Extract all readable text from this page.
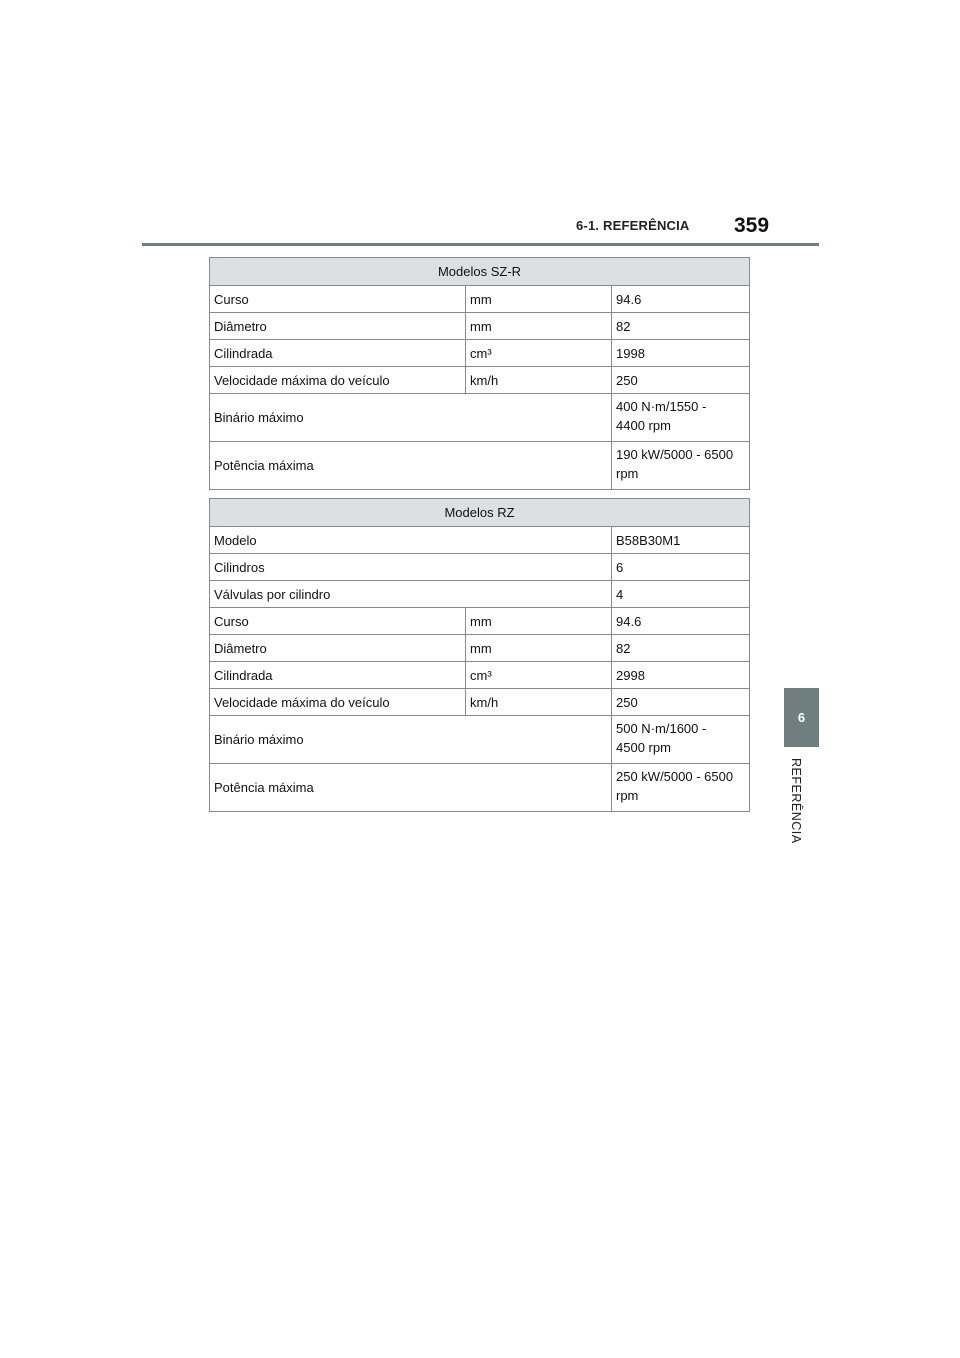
6-1. REFERÊNCIA 359
6
REFERÊNCIA
Modelos SZ-R		
Curso	mm	94.6
Diâmetro	mm	82
Cilindrada	cm³	1998
Velocidade máxima do veículo	km/h	250
Binário máximo		400 N·m/1550 -
4400 rpm

Potência máxima		190 kW/5000 - 6500
rpm
Modelos RZ		
Modelo		B58B30M1
Cilindros		6
Válvulas por cilindro		4
Curso	mm	94.6
Diâmetro	mm	82
Cilindrada	cm³	2998
Velocidade máxima do veículo	km/h	250
Binário máximo		500 N·m/1600 -
4500 rpm

Potência máxima		250 kW/5000 - 6500
rpm
